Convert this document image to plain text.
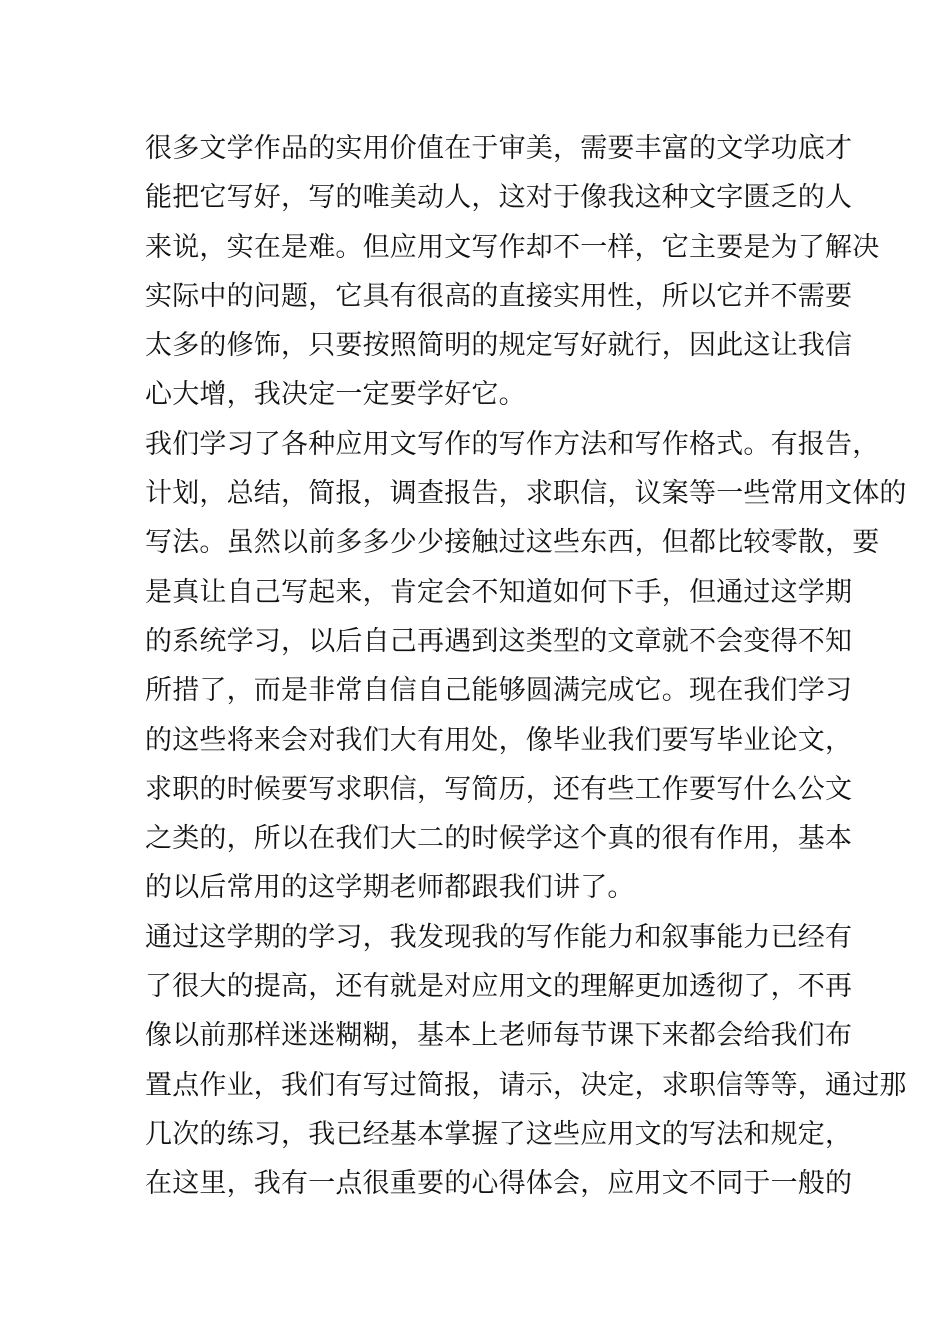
很多文学作品的实用价值在于审美，需要丰富的文学功底才
能把它写好，写的唯美动人，这对于像我这种文字匮乏的人
来说，实在是难。但应用文写作却不一样，它主要是为了解决
实际中的问题，它具有很高的直接实用性，所以它并不需要
太多的修饰，只要按照简明的规定写好就行，因此这让我信
心大增，我决定一定要学好它。
我们学习了各种应用文写作的写作方法和写作格式。有报告，
计划，总结，简报，调查报告，求职信，议案等一些常用文体的
写法。虽然以前多多少少接触过这些东西，但都比较零散，要
是真让自己写起来，肯定会不知道如何下手，但通过这学期
的系统学习，以后自己再遇到这类型的文章就不会变得不知
所措了，而是非常自信自己能够圆满完成它。现在我们学习
的这些将来会对我们大有用处，像毕业我们要写毕业论文，
求职的时候要写求职信，写简历，还有些工作要写什么公文
之类的，所以在我们大二的时候学这个真的很有作用，基本
的以后常用的这学期老师都跟我们讲了。
通过这学期的学习，我发现我的写作能力和叙事能力已经有
了很大的提高，还有就是对应用文的理解更加透彻了，不再
像以前那样迷迷糊糊，基本上老师每节课下来都会给我们布
置点作业，我们有写过简报，请示，决定，求职信等等，通过那
几次的练习，我已经基本掌握了这些应用文的写法和规定，
在这里，我有一点很重要的心得体会，应用文不同于一般的
